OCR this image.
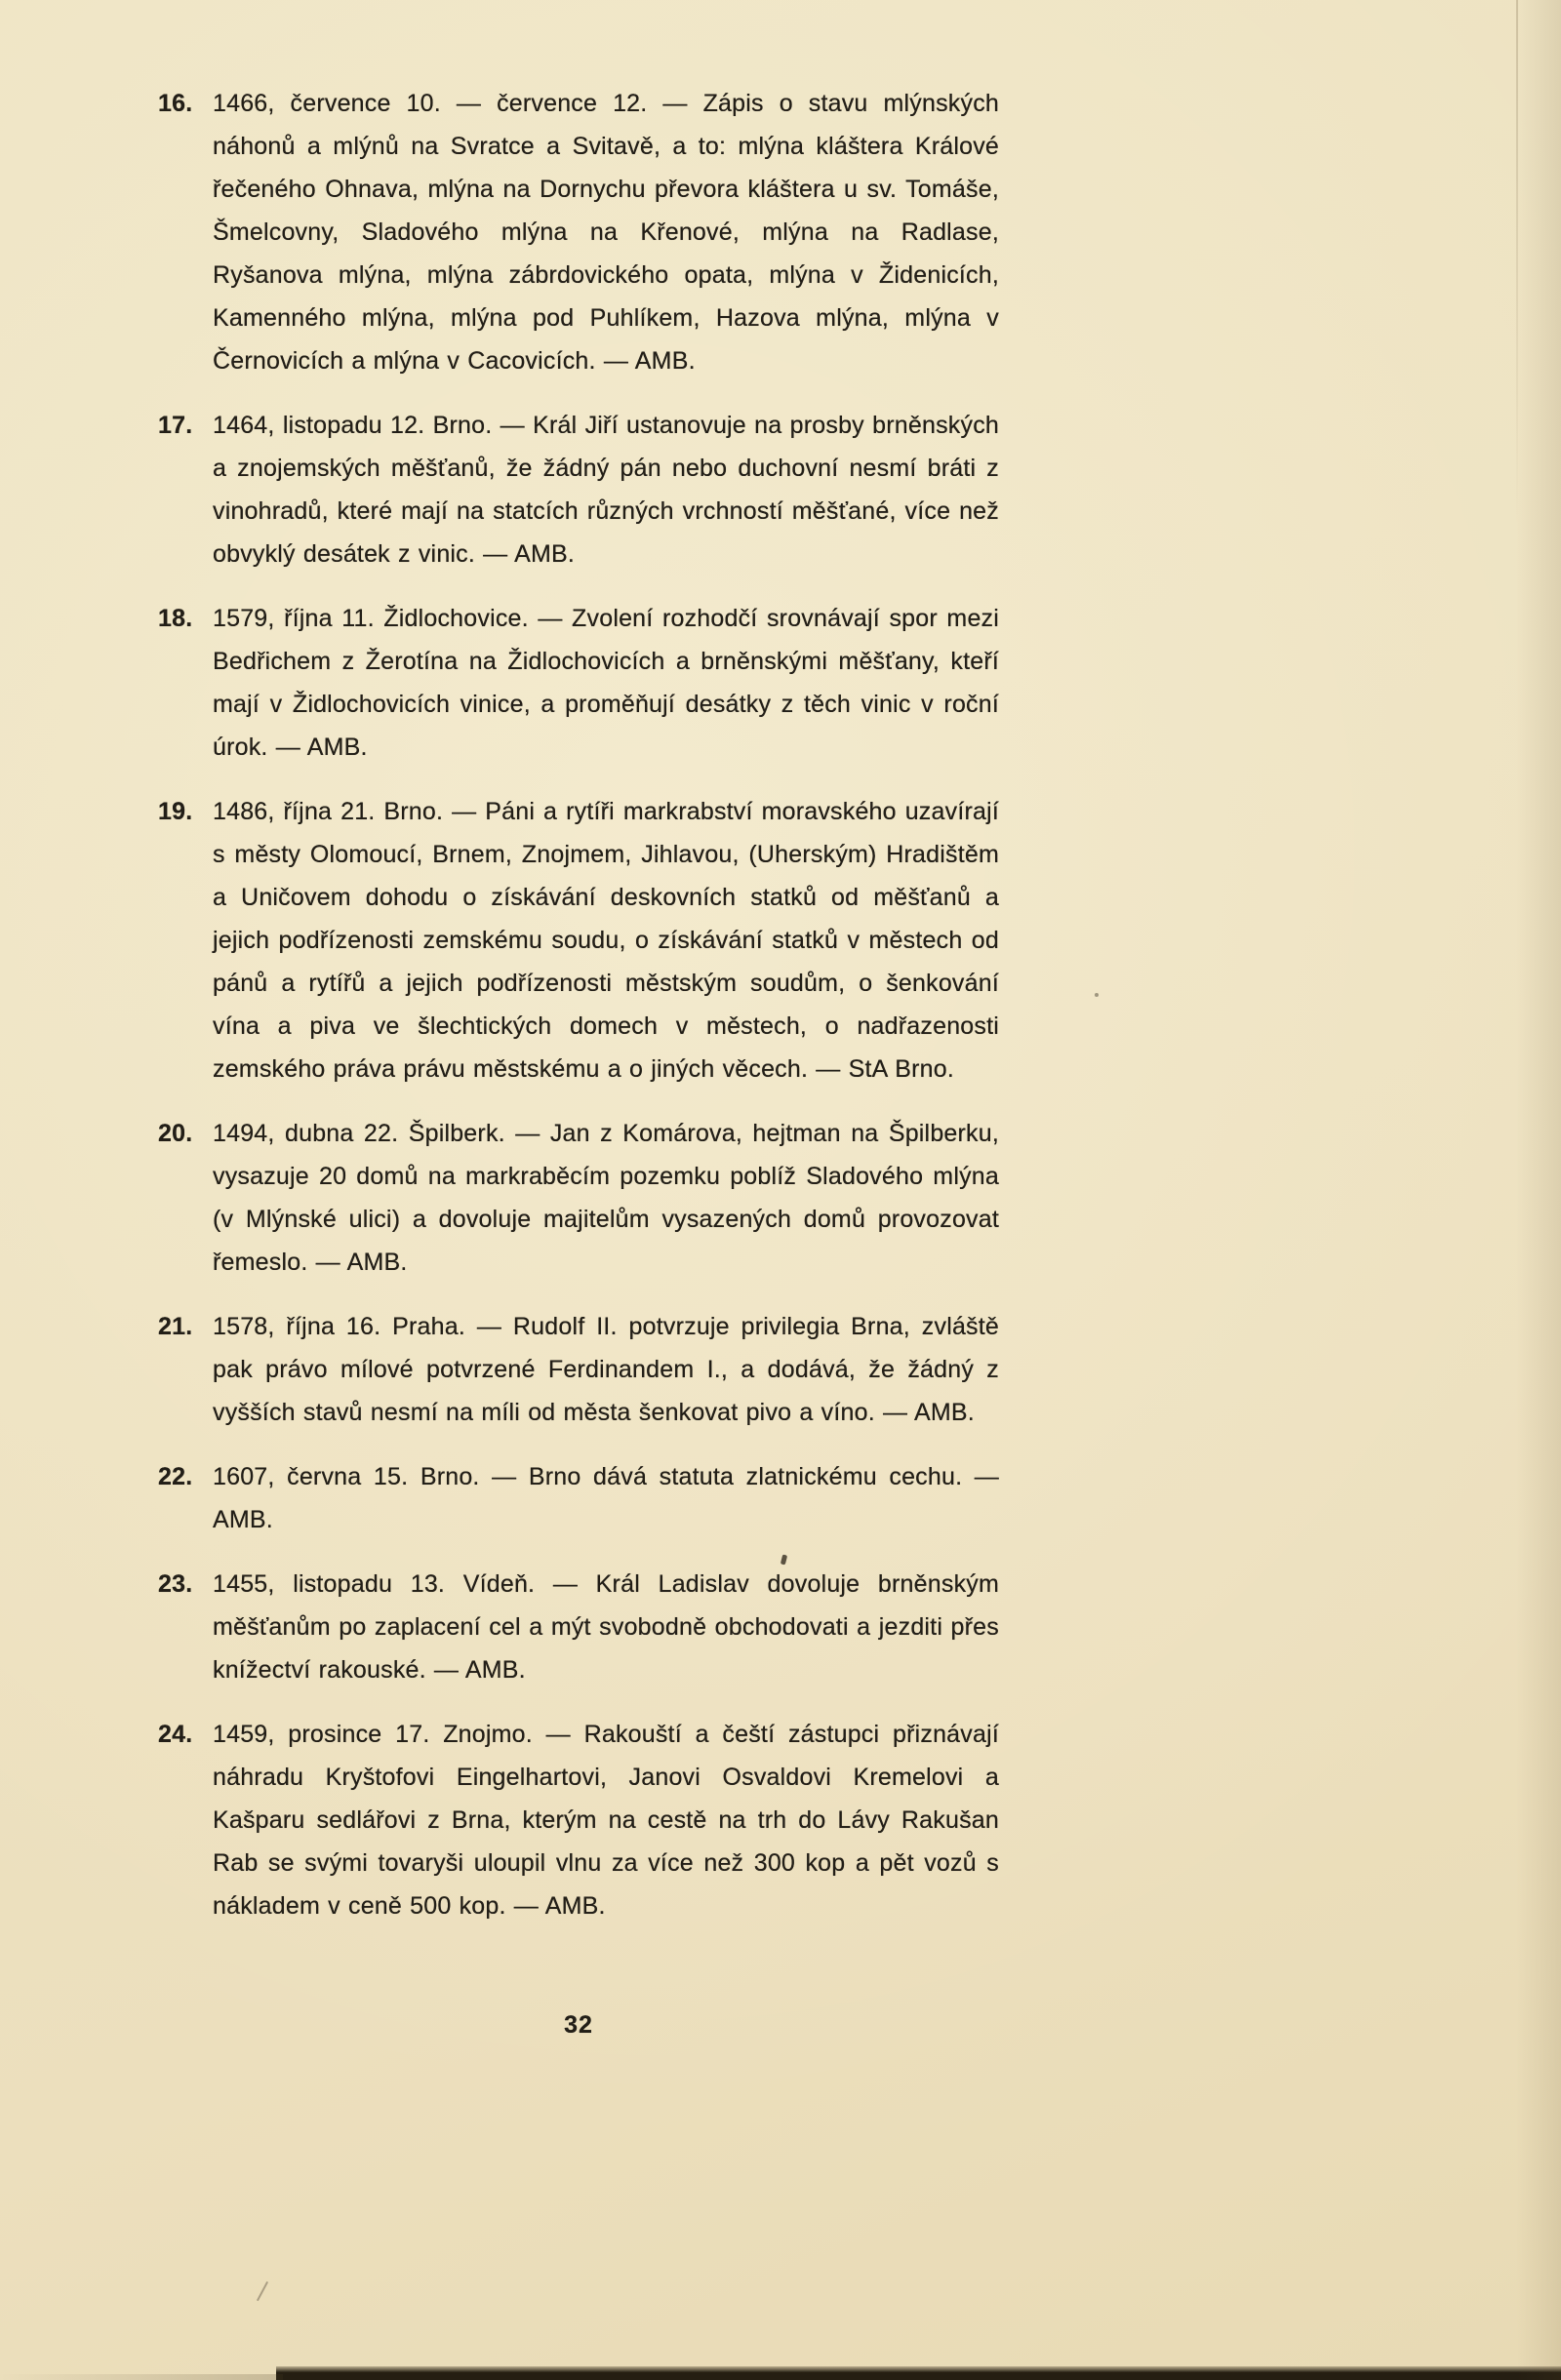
16. 1466, července 10. — července 12. — Zápis o stavu mlýnských náhonů a mlýnů na Svratce a Svitavě, a to: mlýna kláštera Králové řečeného Ohnava, mlýna na Dornychu převora kláštera u sv. Tomáše, Šmelcovny, Sladového mlýna na Křenové, mlýna na Radlase, Ryšanova mlýna, mlýna zábrdovického opata, mlýna v Židenicích, Kamenného mlýna, mlýna pod Puhlíkem, Hazova mlýna, mlýna v Černovicích a mlýna v Cacovicích. — AMB.
17. 1464, listopadu 12. Brno. — Král Jiří ustanovuje na prosby brněnských a znojemských měšťanů, že žádný pán nebo duchovní nesmí bráti z vinohradů, které mají na statcích různých vrchností měšťané, více než obvyklý desátek z vinic. — AMB.
18. 1579, října 11. Židlochovice. — Zvolení rozhodčí srovnávají spor mezi Bedřichem z Žerotína na Židlochovicích a brněnskými měšťany, kteří mají v Židlochovicích vinice, a proměňují desátky z těch vinic v roční úrok. — AMB.
19. 1486, října 21. Brno. — Páni a rytíři markrabství moravského uzavírají s městy Olomoucí, Brnem, Znojmem, Jihlavou, (Uherským) Hradištěm a Uničovem dohodu o získávání deskovních statků od měšťanů a jejich podřízenosti zemskému soudu, o získávání statků v městech od pánů a rytířů a jejich podřízenosti městským soudům, o šenkování vína a piva ve šlechtických domech v městech, o nadřazenosti zemského práva právu městskému a o jiných věcech. — StA Brno.
20. 1494, dubna 22. Špilberk. — Jan z Komárova, hejtman na Špilberku, vysazuje 20 domů na markraběcím pozemku poblíž Sladového mlýna (v Mlýnské ulici) a dovoluje majitelům vysazených domů provozovat řemeslo. — AMB.
21. 1578, října 16. Praha. — Rudolf II. potvrzuje privilegia Brna, zvláště pak právo mílové potvrzené Ferdinandem I., a dodává, že žádný z vyšších stavů nesmí na míli od města šenkovat pivo a víno. — AMB.
22. 1607, června 15. Brno. — Brno dává statuta zlatnickému cechu. — AMB.
23. 1455, listopadu 13. Vídeň. — Král Ladislav dovoluje brněnským měšťanům po zaplacení cel a mýt svobodně obchodovati a jezditi přes knížectví rakouské. — AMB.
24. 1459, prosince 17. Znojmo. — Rakouští a čeští zástupci přiznávají náhradu Kryštofovi Eingelhartovi, Janovi Osvaldovi Kremelovi a Kašparu sedlářovi z Brna, kterým na cestě na trh do Lávy Rakušan Rab se svými tovaryši uloupil vlnu za více než 300 kop a pět vozů s nákladem v ceně 500 kop. — AMB.
32
